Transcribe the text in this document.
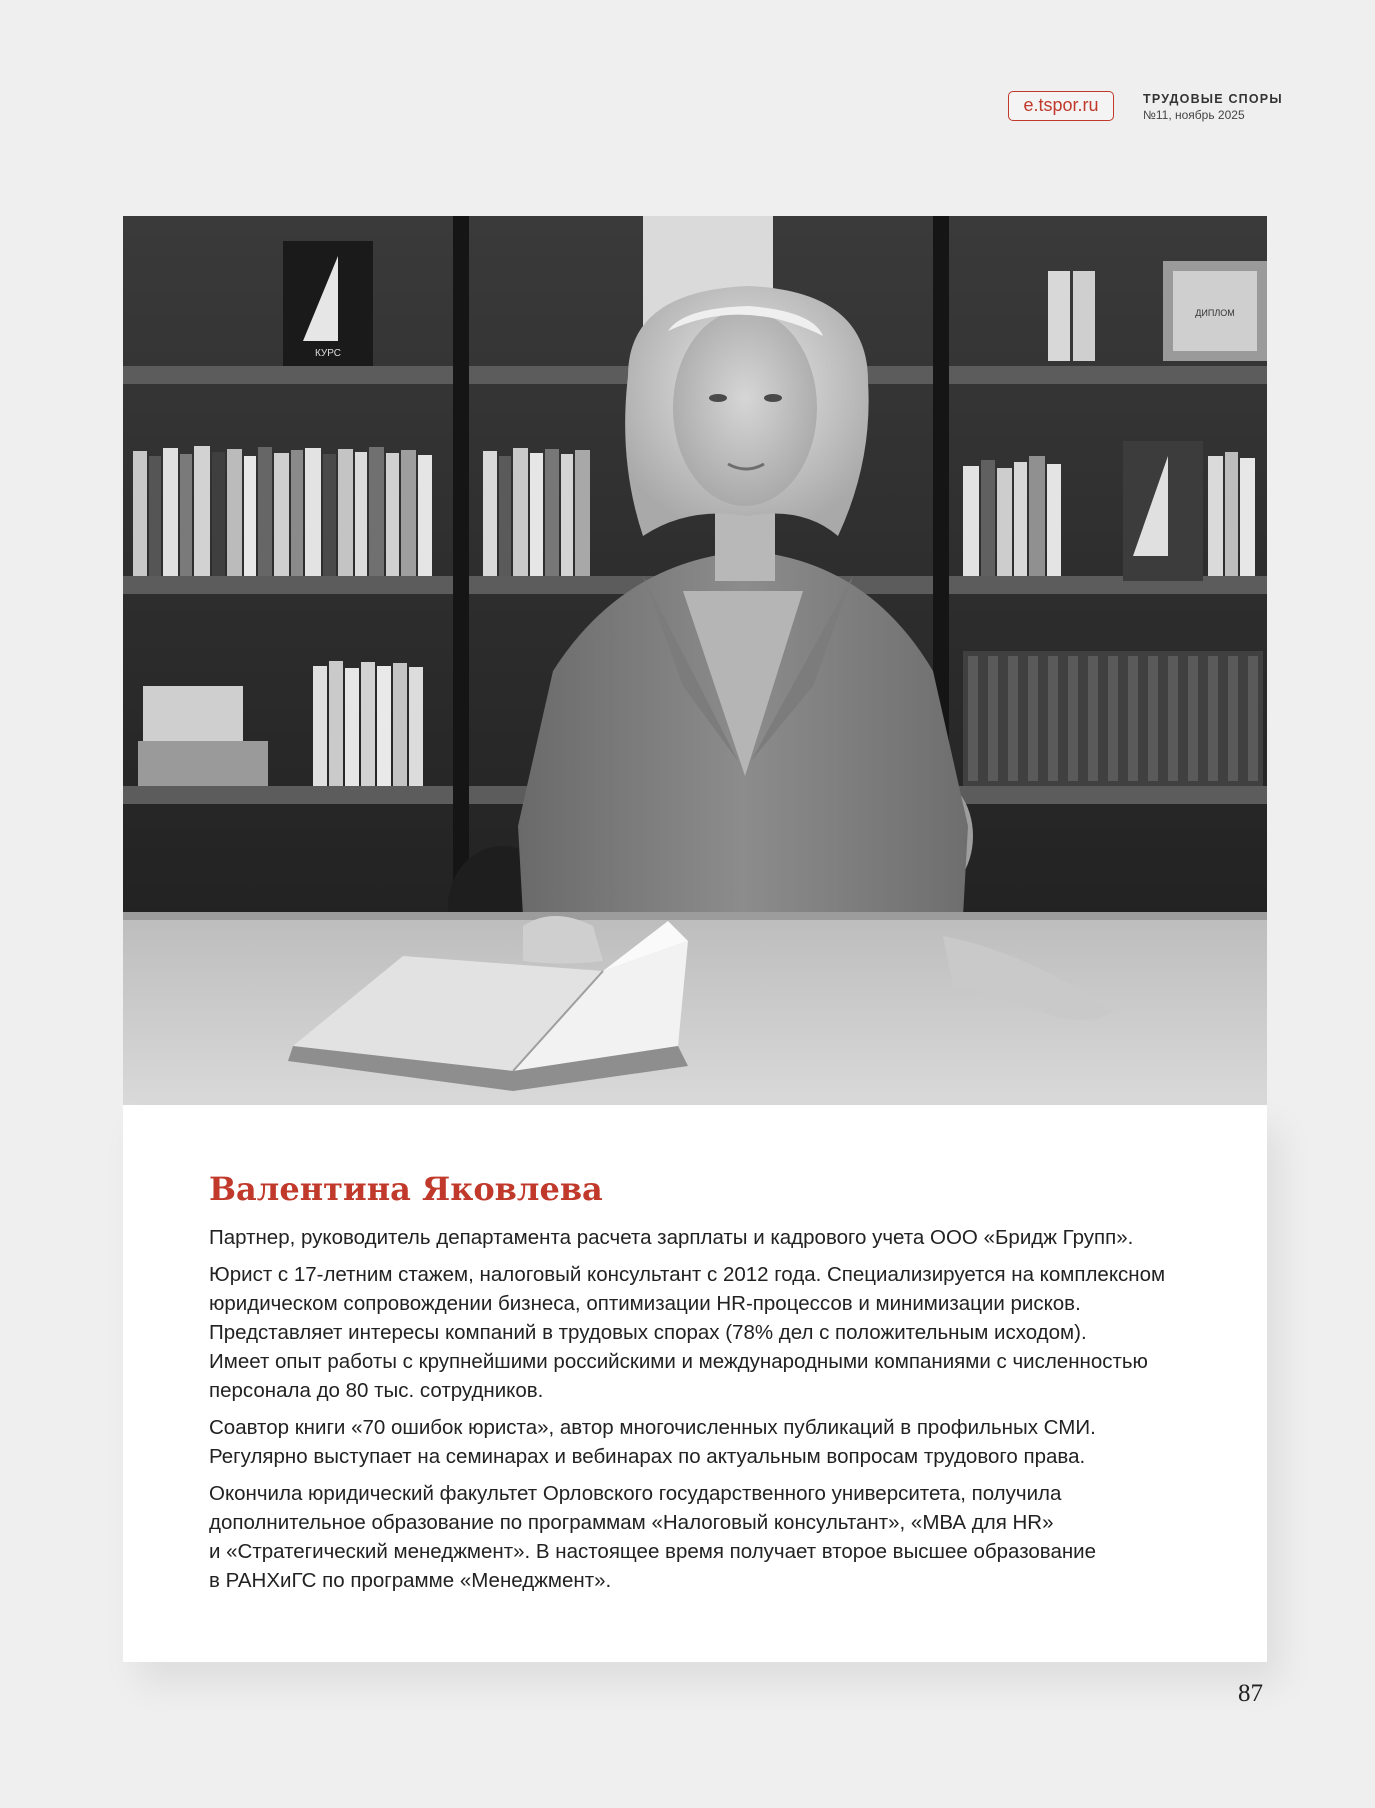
e.tspor.ru	ТРУДОВЫЕ СПОРЫ
№11, ноябрь 2025
ДИПЛОМ
КУРС
Валентина Яковлева

Партнер, руководитель департамента расчета зарплаты и кадрового учета ООО «Бридж Групп».

Юрист с 17-летним стажем, налоговый консультант с 2012 года. Специализируется на комплексном
юридическом сопровождении бизнеса, оптимизации HR-процессов и минимизации рисков.
Представляет интересы компаний в трудовых спорах (78% дел с положительным исходом).
Имеет опыт работы с крупнейшими российскими и международными компаниями с численностью
персонала до 80 тыс. сотрудников.

Соавтор книги «70 ошибок юриста», автор многочисленных публикаций в профильных СМИ.
Регулярно выступает на семинарах и вебинарах по актуальным вопросам трудового права.

Окончила юридический факультет Орловского государственного университета, получила
дополнительное образование по программам «Налоговый консультант», «МВА для HR»
и «Стратегический менеджмент». В настоящее время получает второе высшее образование
в РАНХиГС по программе «Менеджмент».

87
